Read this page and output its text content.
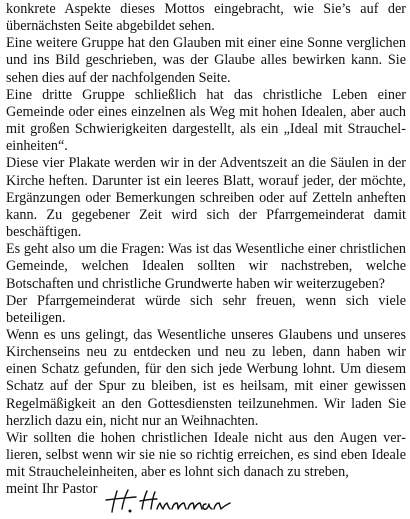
konkrete Aspekte dieses Mottos eingebracht, wie Sie’s auf der übernächsten Seite abgebildet sehen.

Eine weitere Gruppe hat den Glauben mit einer eine Sonne verglichen und ins Bild geschrieben, was der Glaube alles bewirken kann. Sie sehen dies auf der nachfolgenden Seite.

Eine dritte Gruppe schließlich hat das christliche Leben einer Gemeinde oder eines einzelnen als Weg mit hohen Idealen, aber auch mit großen Schwierigkeiten dargestellt, als ein „Ideal mit Straucheleinheiten“.

Diese vier Plakate werden wir in der Adventszeit an die Säulen in der Kirche heften. Darunter ist ein leeres Blatt, worauf jeder, der möchte, Ergänzungen oder Bemerkungen schreiben oder auf Zetteln anheften kann. Zu gegebener Zeit wird sich der Pfarrgemeinderat damit beschäftigen.

Es geht also um die Fragen: Was ist das Wesentliche einer christlichen Gemeinde, welchen Idealen sollten wir nachstreben, welche Botschaften und christliche Grundwerte haben wir weiterzugeben?

Der Pfarrgemeinderat würde sich sehr freuen, wenn sich viele beteiligen.

Wenn es uns gelingt, das Wesentliche unseres Glaubens und unseres Kirchenseins neu zu entdecken und neu zu leben, dann haben wir einen Schatz gefunden, für den sich jede Werbung lohnt. Um diesem Schatz auf der Spur zu bleiben, ist es heilsam, mit einer gewissen Regelmäßigkeit an den Gottesdiensten teilzunehmen. Wir laden Sie herzlich dazu ein, nicht nur an Weihnachten.

Wir sollten die hohen christlichen Ideale nicht aus den Augen verlieren, selbst wenn wir sie nie so richtig erreichen, es sind eben Ideale mit Straucheleinheiten, aber es lohnt sich danach zu streben,

meint Ihr Pastor
